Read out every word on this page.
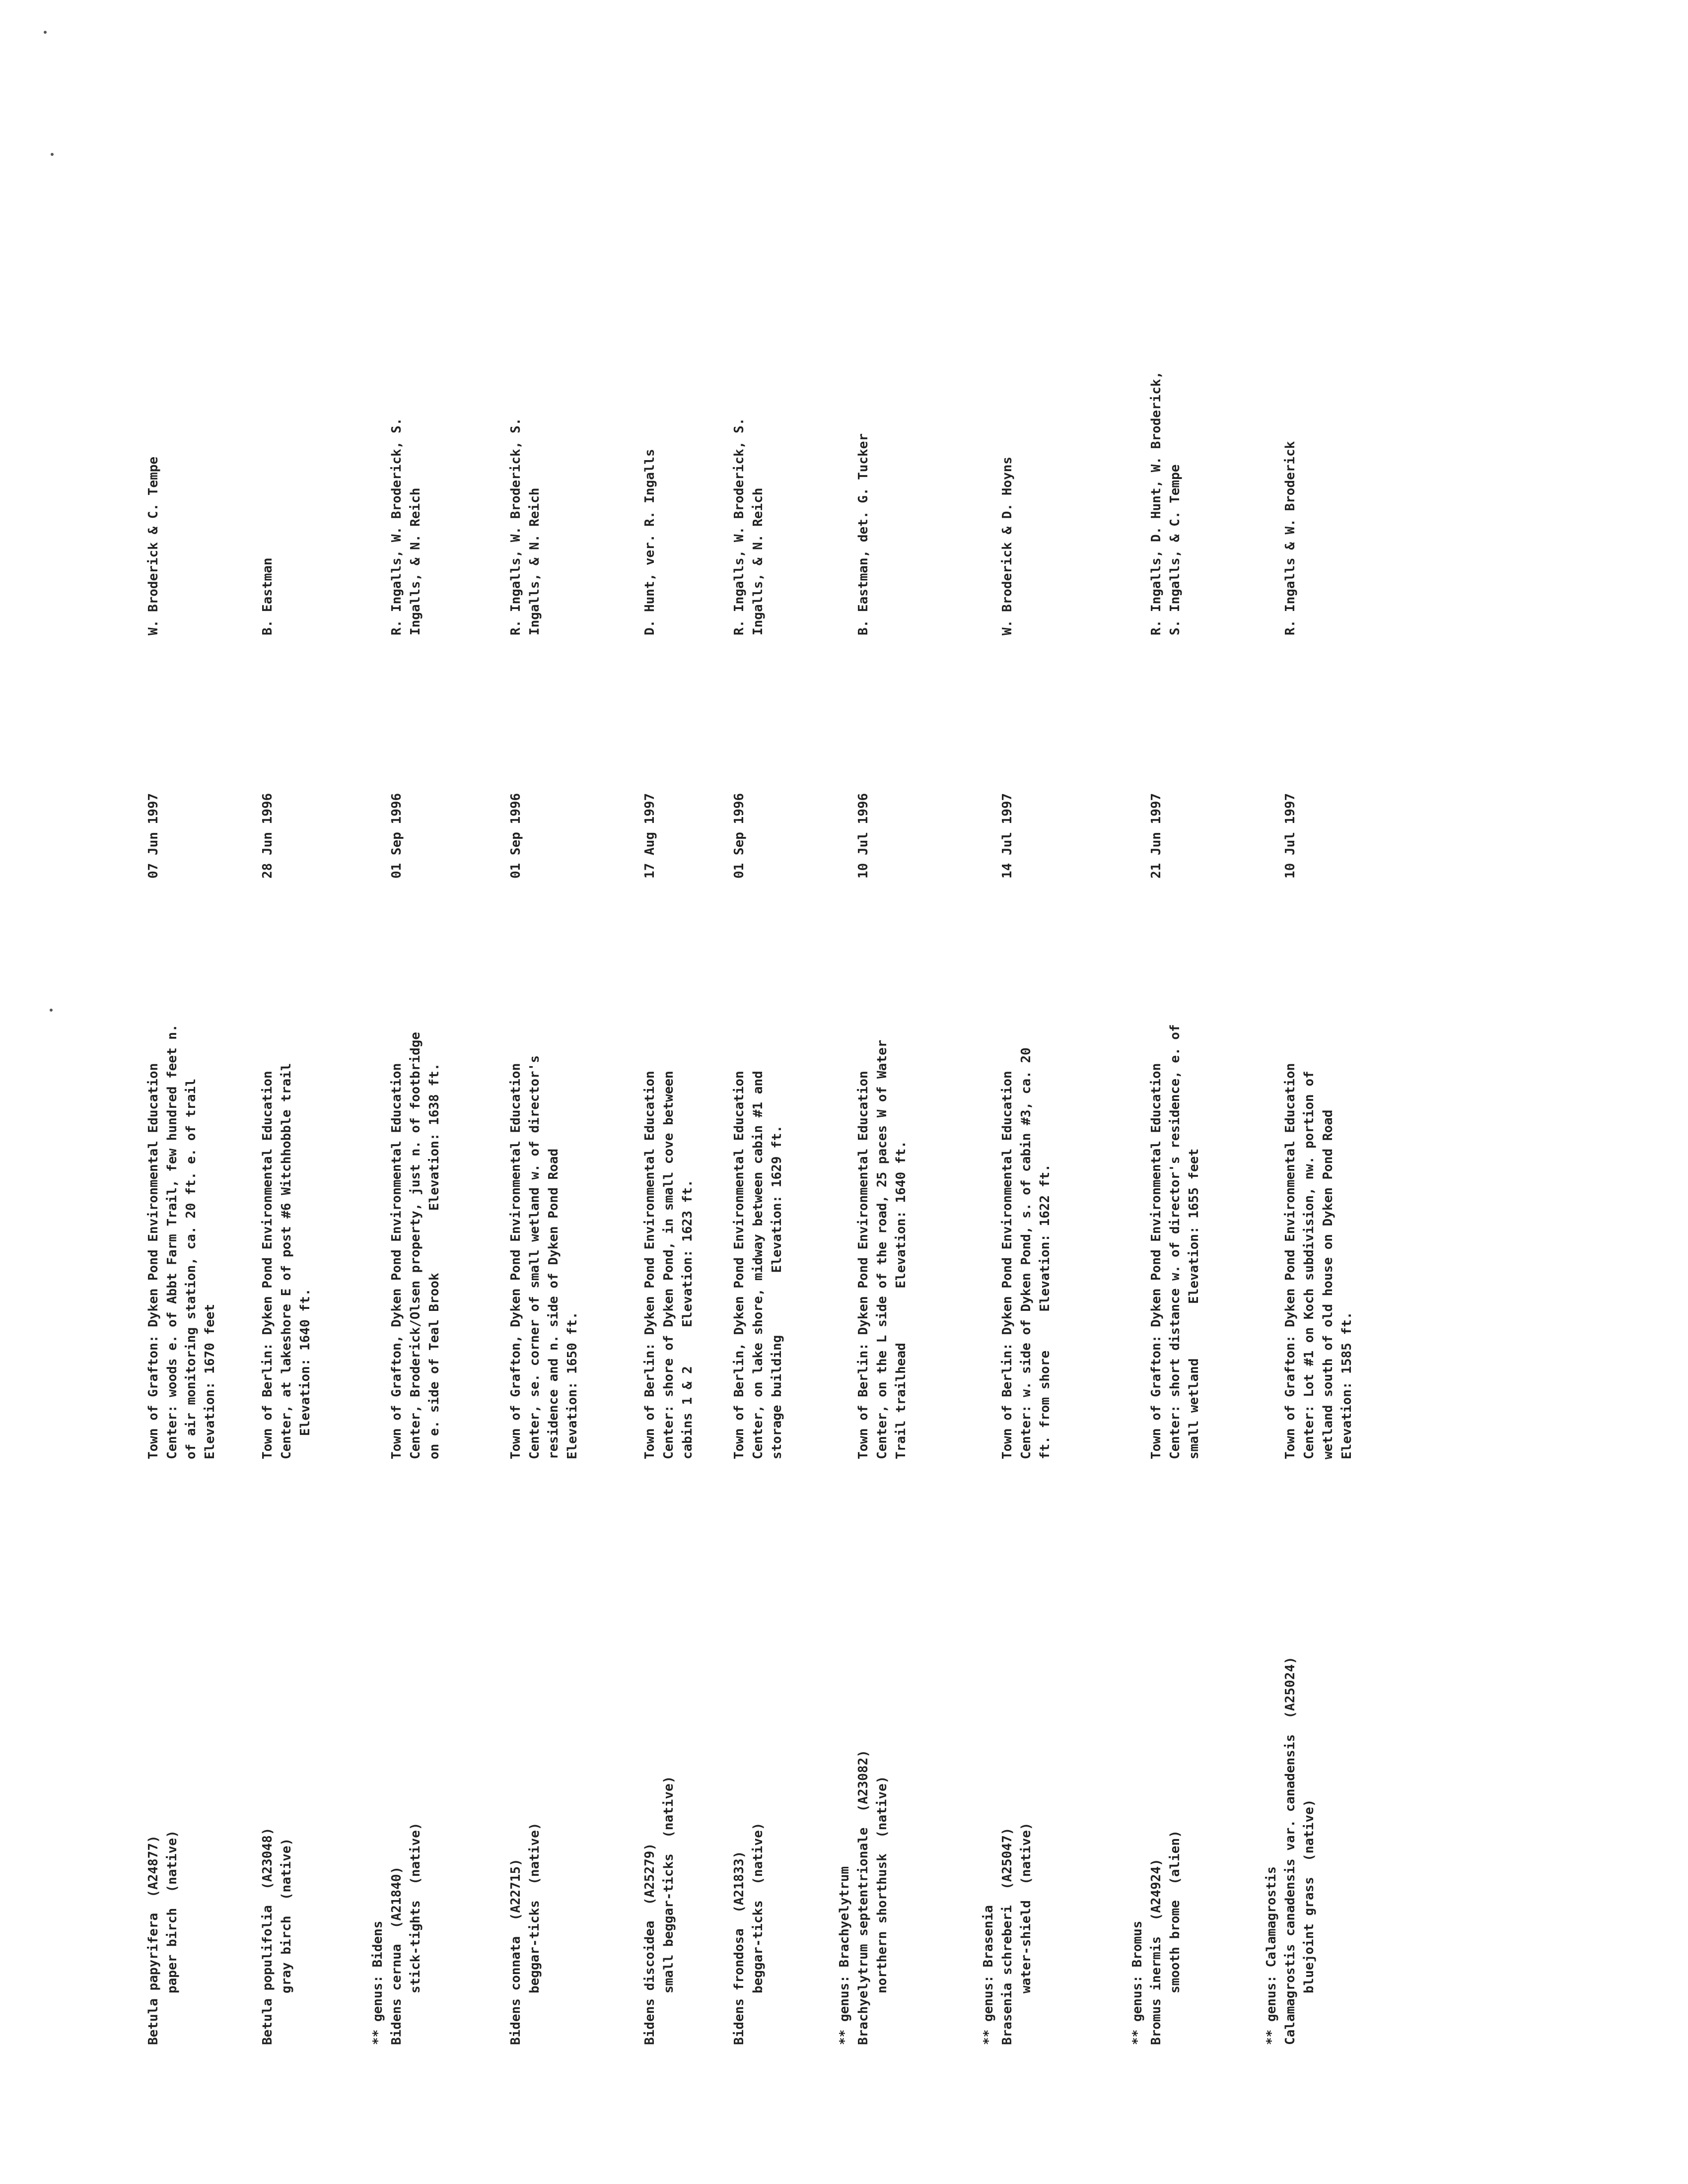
Betula papyrifera  (A24877) paper birch  (native)
Town of Grafton: Dyken Pond Environmental Education Center: woods e. of Abbt Farm Trail, few hundred feet n. of air monitoring station, ca. 20 ft. e. of trail Elevation: 1670 feet
07 Jun 1997
W. Broderick & C. Tempe
Betula populifolia  (A23048) gray birch  (native)
Town of Berlin: Dyken Pond Environmental Education Center, at lakeshore E of post #6 Witchhobble trail Elevation: 1640 ft.
28 Jun 1996
B. Eastman
** genus: Bidens Bidens cernua  (A21840) stick-tights  (native)
Town of Grafton, Dyken Pond Environmental Education Center, Broderick/Olsen property, just n. of footbridge on e. side of Teal Brook        Elevation: 1638 ft.
01 Sep 1996
R. Ingalls, W. Broderick, S. Ingalls, & N. Reich
Bidens connata  (A22715) beggar-ticks  (native)
Town of Grafton, Dyken Pond Environmental Education Center, se. corner of small wetland w. of director's residence and n. side of Dyken Pond Road Elevation: 1650 ft.
01 Sep 1996
R. Ingalls, W. Broderick, S. Ingalls, & N. Reich
Bidens discoidea  (A25279) small beggar-ticks  (native)
Town of Berlin: Dyken Pond Environmental Education Center: shore of Dyken Pond, in small cove between cabins 1 & 2     Elevation: 1623 ft.
17 Aug 1997
D. Hunt, ver. R. Ingalls
Bidens frondosa  (A21833) beggar-ticks  (native)
Town of Berlin, Dyken Pond Environmental Education Center, on lake shore, midway between cabin #1 and storage building        Elevation: 1629 ft.
01 Sep 1996
R. Ingalls, W. Broderick, S. Ingalls, & N. Reich
** genus: Brachyelytrum Brachyelytrum septentrionale  (A23082) northern shorthusk  (native)
Town of Berlin: Dyken Pond Environmental Education Center, on the L side of the road, 25 paces W of Water Trail trailhead       Elevation: 1640 ft.
10 Jul 1996
B. Eastman, det. G. Tucker
** genus: Brasenia Brasenia schreberi  (A25047) water-shield  (native)
Town of Berlin: Dyken Pond Environmental Education Center: w. side of Dyken Pond, s. of cabin #3, ca. 20 ft. from shore     Elevation: 1622 ft.
14 Jul 1997
W. Broderick & D. Hoyns
** genus: Bromus Bromus inermis  (A24924) smooth brome  (alien)
Town of Grafton: Dyken Pond Environmental Education Center: short distance w. of director's residence, e. of small wetland       Elevation: 1655 feet
21 Jun 1997
R. Ingalls, D. Hunt, W. Broderick, S. Ingalls, & C. Tempe
** genus: Calamagrostis Calamagrostis canadensis var. canadensis  (A25024) bluejoint grass  (native)
Town of Grafton: Dyken Pond Environmental Education Center: Lot #1 on Koch subdivision, nw. portion of wetland south of old house on Dyken Pond Road Elevation: 1585 ft.
10 Jul 1997
R. Ingalls & W. Broderick
